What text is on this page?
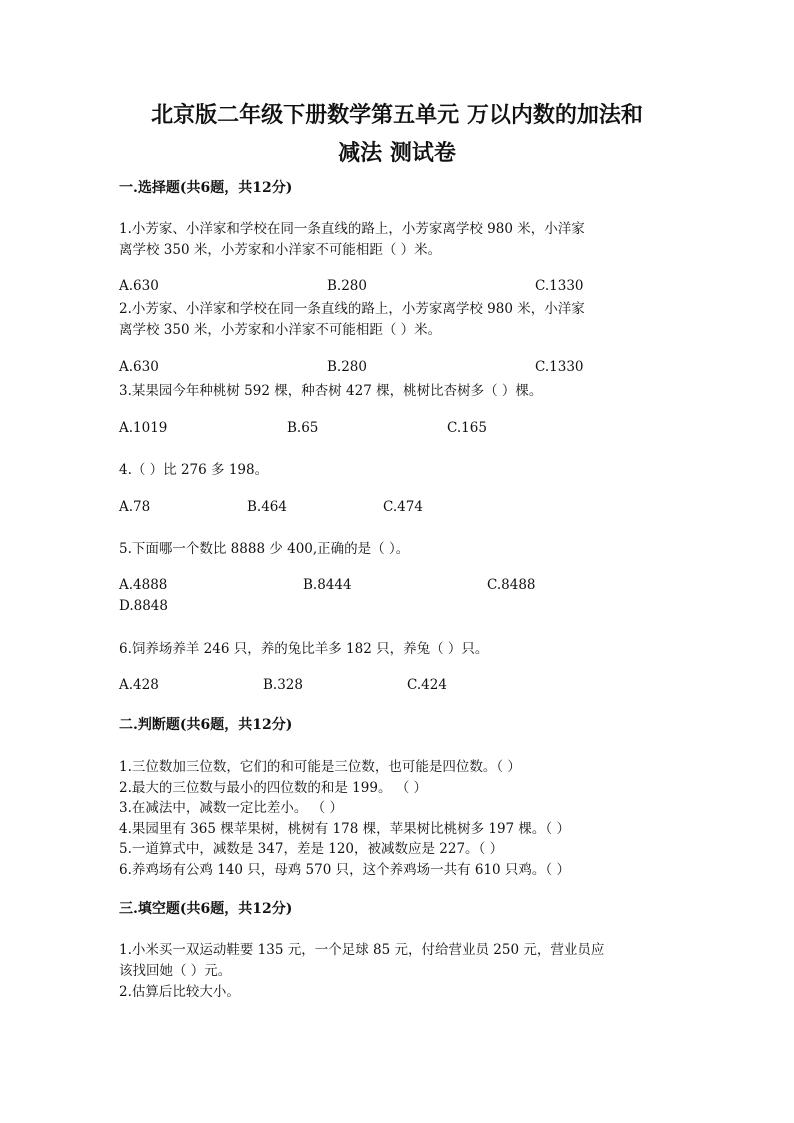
北京版二年级下册数学第五单元 万以内数的加法和
减法 测试卷
一.选择题(共6题，共12分)
1.小芳家、小洋家和学校在同一条直线的路上，小芳家离学校 980 米，小洋家
离学校 350 米，小芳家和小洋家不可能相距（ ）米。
A.630	B.280	C.1330
2.小芳家、小洋家和学校在同一条直线的路上，小芳家离学校 980 米，小洋家
离学校 350 米，小芳家和小洋家不可能相距（ ）米。
A.630	B.280	C.1330
3.某果园今年种桃树 592 棵，种杏树 427 棵，桃树比杏树多（ ）棵。
A.1019	B.65	C.165
4.（ ）比 276 多 198。
A.78	B.464	C.474
5.下面哪一个数比 8888 少 400,正确的是（ ）。
A.4888	B.8444	C.8488
D.8848
6.饲养场养羊 246 只，养的兔比羊多 182 只，养兔（ ）只。
A.428	B.328	C.424
二.判断题(共6题，共12分)
1.三位数加三位数，它们的和可能是三位数，也可能是四位数。（ ）
2.最大的三位数与最小的四位数的和是 199。 （ ）
3.在减法中，减数一定比差小。 （ ）
4.果园里有 365 棵苹果树，桃树有 178 棵，苹果树比桃树多 197 棵。（ ）
5.一道算式中，减数是 347，差是 120，被减数应是 227。（ ）
6.养鸡场有公鸡 140 只，母鸡 570 只，这个养鸡场一共有 610 只鸡。（ ）
三.填空题(共6题，共12分)
1.小米买一双运动鞋要 135 元，一个足球 85 元，付给营业员 250 元，营业员应
该找回她（ ）元。
2.估算后比较大小。
